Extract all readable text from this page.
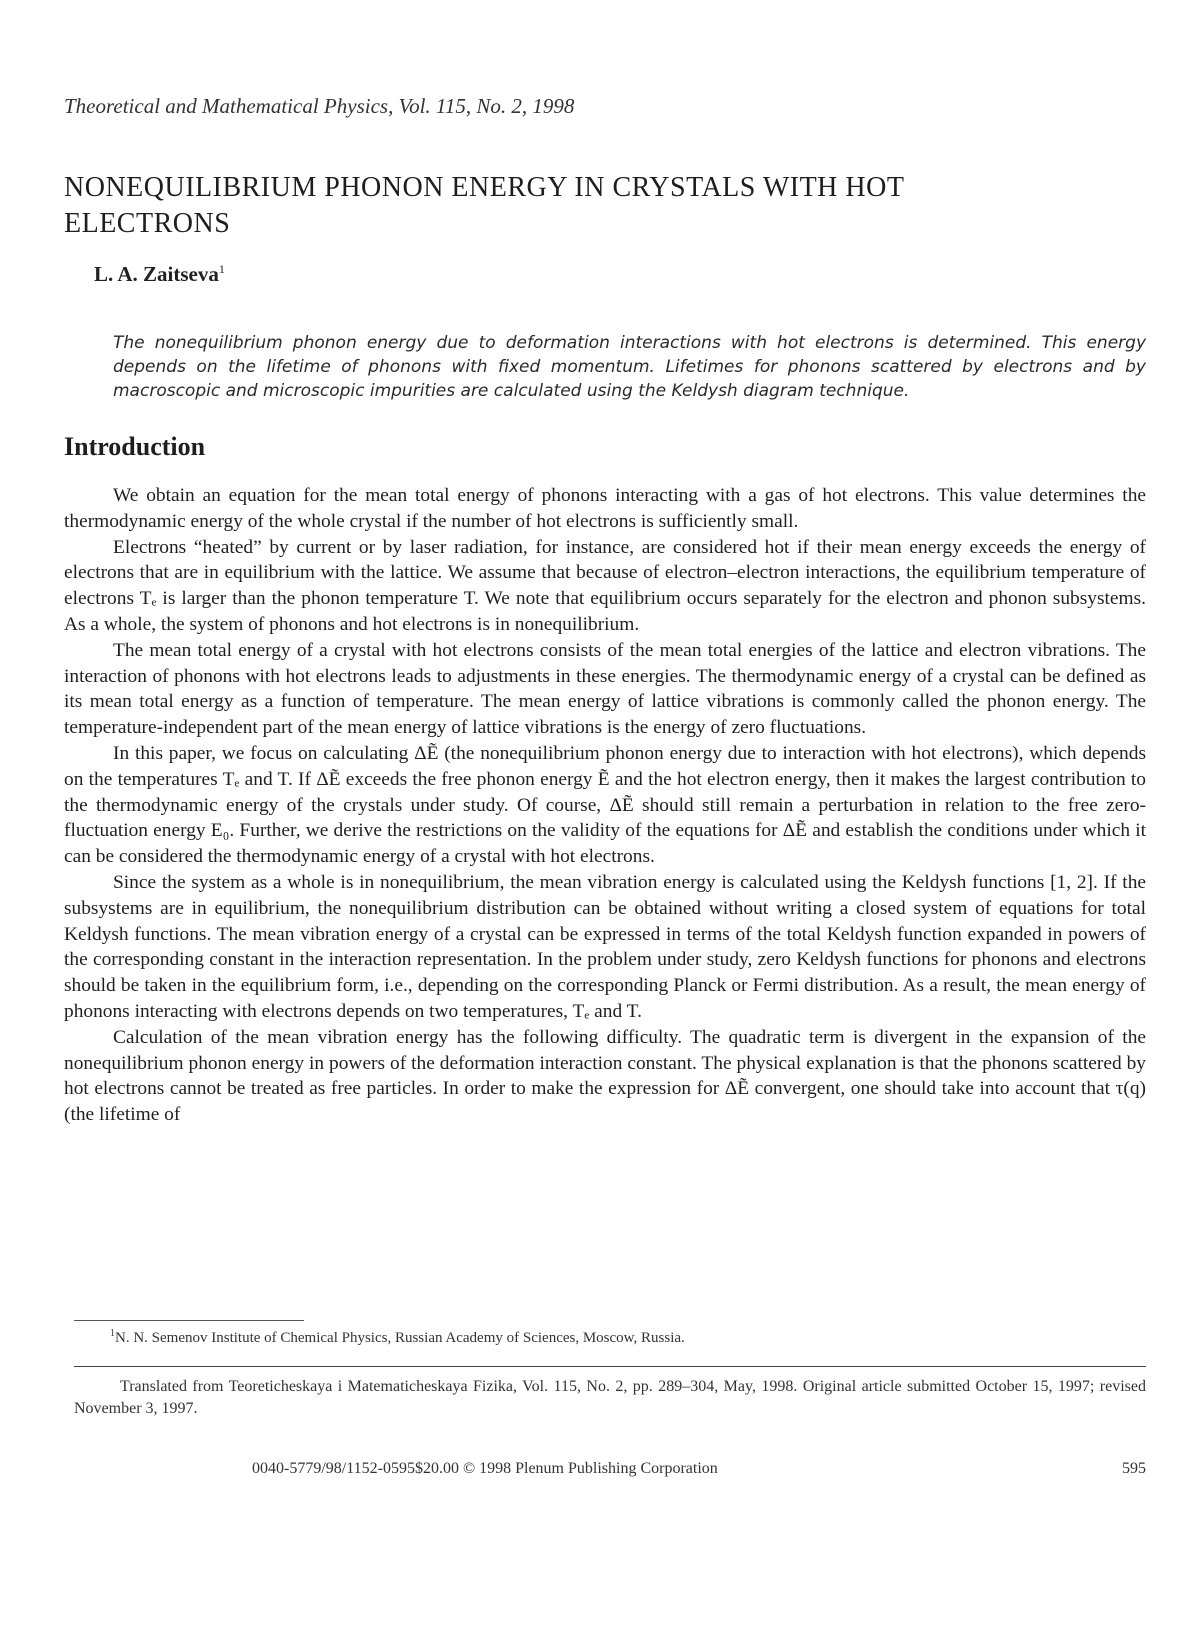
Theoretical and Mathematical Physics, Vol. 115, No. 2, 1998
NONEQUILIBRIUM PHONON ENERGY IN CRYSTALS WITH HOT ELECTRONS
L. A. Zaitseva$^1$

The nonequilibrium phonon energy due to deformation interactions with hot electrons is determined. This energy depends on the lifetime of phonons with fixed momentum. Lifetimes for phonons scattered by electrons and by macroscopic and microscopic impurities are calculated using the Keldysh diagram technique.

Introduction

We obtain an equation for the mean total energy of phonons interacting with a gas of hot electrons. This value determines the thermodynamic energy of the whole crystal if the number of hot electrons is sufficiently small.

Electrons “heated” by current or by laser radiation, for instance, are considered hot if their mean energy exceeds the energy of electrons that are in equilibrium with the lattice. We assume that because of electron–electron interactions, the equilibrium temperature of electrons Tₑ is larger than the phonon temperature T. We note that equilibrium occurs separately for the electron and phonon subsystems. As a whole, the system of phonons and hot electrons is in nonequilibrium.

The mean total energy of a crystal with hot electrons consists of the mean total energies of the lattice and electron vibrations. The interaction of phonons with hot electrons leads to adjustments in these energies. The thermodynamic energy of a crystal can be defined as its mean total energy as a function of temperature. The mean energy of lattice vibrations is commonly called the phonon energy. The temperature-independent part of the mean energy of lattice vibrations is the energy of zero fluctuations.

In this paper, we focus on calculating ΔẼ (the nonequilibrium phonon energy due to interaction with hot electrons), which depends on the temperatures Tₑ and T. If ΔẼ exceeds the free phonon energy Ẽ and the hot electron energy, then it makes the largest contribution to the thermodynamic energy of the crystals under study. Of course, ΔẼ should still remain a perturbation in relation to the free zero-fluctuation energy E₀. Further, we derive the restrictions on the validity of the equations for ΔẼ and establish the conditions under which it can be considered the thermodynamic energy of a crystal with hot electrons.

Since the system as a whole is in nonequilibrium, the mean vibration energy is calculated using the Keldysh functions [1, 2]. If the subsystems are in equilibrium, the nonequilibrium distribution can be obtained without writing a closed system of equations for total Keldysh functions. The mean vibration energy of a crystal can be expressed in terms of the total Keldysh function expanded in powers of the corresponding constant in the interaction representation. In the problem under study, zero Keldysh functions for phonons and electrons should be taken in the equilibrium form, i.e., depending on the corresponding Planck or Fermi distribution. As a result, the mean energy of phonons interacting with electrons depends on two temperatures, Tₑ and T.

Calculation of the mean vibration energy has the following difficulty. The quadratic term is divergent in the expansion of the nonequilibrium phonon energy in powers of the deformation interaction constant. The physical explanation is that the phonons scattered by hot electrons cannot be treated as free particles. In order to make the expression for ΔẼ convergent, one should take into account that τ(q) (the lifetime of

$^1$N. N. Semenov Institute of Chemical Physics, Russian Academy of Sciences, Moscow, Russia.

Translated from Teoreticheskaya i Matematicheskaya Fizika, Vol. 115, No. 2, pp. 289–304, May, 1998. Original article submitted October 15, 1997; revised November 3, 1997.

0040-5779/98/1152-0595$20.00 © 1998 Plenum Publishing Corporation	595
